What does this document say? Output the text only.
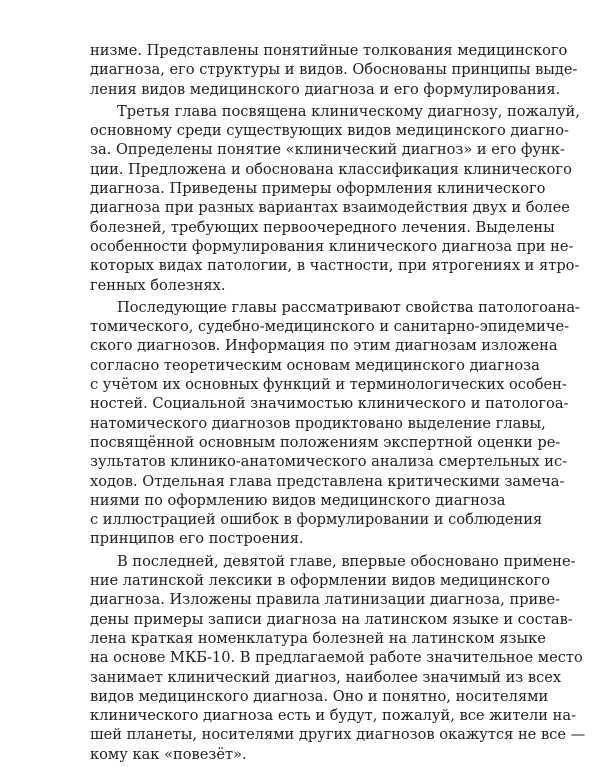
низме. Представлены понятийные толкования медицинского
диагноза, его структуры и видов. Обоснованы принципы выде-
ления видов медицинского диагноза и его формулирования.

Третья глава посвящена клиническому диагнозу, пожалуй,
основному среди существующих видов медицинского диагно-
за. Определены понятие «клинический диагноз» и его функ-
ции. Предложена и обоснована классификация клинического
диагноза. Приведены примеры оформления клинического
диагноза при разных вариантах взаимодействия двух и более
болезней, требующих первоочередного лечения. Выделены
особенности формулирования клинического диагноза при не-
которых видах патологии, в частности, при ятрогениях и ятро-
генных болезнях.

Последующие главы рассматривают свойства патологоана-
томического, судебно-медицинского и санитарно-эпидемиче-
ского диагнозов. Информация по этим диагнозам изложена
согласно теоретическим основам медицинского диагноза
с учётом их основных функций и терминологических особен-
ностей. Социальной значимостью клинического и патологоа-
натомического диагнозов продиктовано выделение главы,
посвящённой основным положениям экспертной оценки ре-
зультатов клинико-анатомического анализа смертельных ис-
ходов. Отдельная глава представлена критическими замеча-
ниями по оформлению видов медицинского диагноза
с иллюстрацией ошибок в формулировании и соблюдения
принципов его построения.

В последней, девятой главе, впервые обосновано примене-
ние латинской лексики в оформлении видов медицинского
диагноза. Изложены правила латинизации диагноза, приве-
дены примеры записи диагноза на латинском языке и состав-
лена краткая номенклатура болезней на латинском языке
на основе МКБ-10. В предлагаемой работе значительное место
занимает клинический диагноз, наиболее значимый из всех
видов медицинского диагноза. Оно и понятно, носителями
клинического диагноза есть и будут, пожалуй, все жители на-
шей планеты, носителями других диагнозов окажутся не все —
кому как «повезёт».
